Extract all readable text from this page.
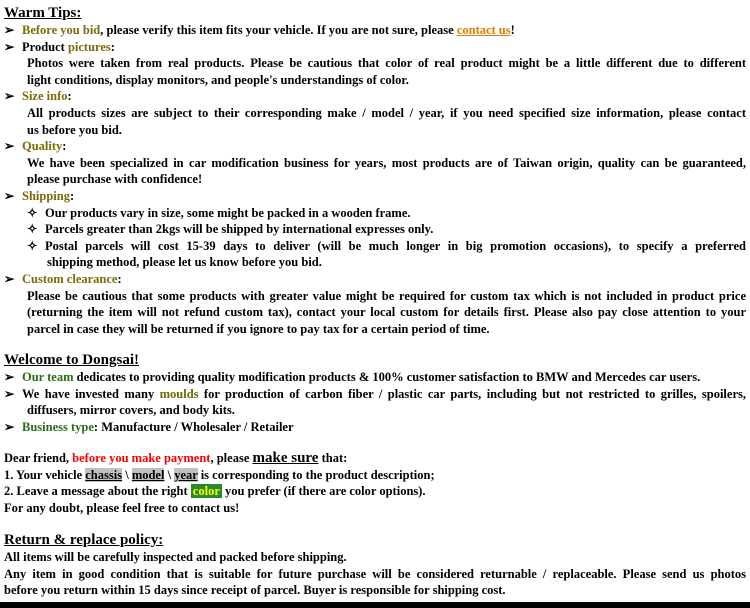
Warm Tips:
➢ Before you bid, please verify this item fits your vehicle. If you are not sure, please contact us!
➢ Product pictures:
Photos were taken from real products. Please be cautious that color of real product might be a little different due to different
light conditions, display monitors, and people's understandings of color.
➢ Size info:
All products sizes are subject to their corresponding make / model / year, if you need specified size information, please contact
us before you bid.
➢ Quality:
We have been specialized in car modification business for years, most products are of Taiwan origin, quality can be guaranteed,
please purchase with confidence!
➢ Shipping:
✧ Our products vary in size, some might be packed in a wooden frame.
✧ Parcels greater than 2kgs will be shipped by international expresses only.
✧ Postal parcels will cost 15-39 days to deliver (will be much longer in big promotion occasions), to specify a preferred
shipping method, please let us know before you bid.
➢ Custom clearance:
Please be cautious that some products with greater value might be required for custom tax which is not included in product price
(returning the item will not refund custom tax), contact your local custom for details first. Please also pay close attention to your
parcel in case they will be returned if you ignore to pay tax for a certain period of time.
Welcome to Dongsai!
➢ Our team dedicates to providing quality modification products & 100% customer satisfaction to BMW and Mercedes car users.
➢ We have invested many moulds for production of carbon fiber / plastic car parts, including but not restricted to grilles, spoilers,
diffusers, mirror covers, and body kits.
➢ Business type: Manufacture / Wholesaler / Retailer
Dear friend, before you make payment, please make sure that:
1. Your vehicle chassis \ model \ year is corresponding to the product description;
2. Leave a message about the right color you prefer (if there are color options).
For any doubt, please feel free to contact us!
Return & replace policy:
All items will be carefully inspected and packed before shipping.
Any item in good condition that is suitable for future purchase will be considered returnable / replaceable. Please send us photos
before you return within 15 days since receipt of parcel. Buyer is responsible for shipping cost.
